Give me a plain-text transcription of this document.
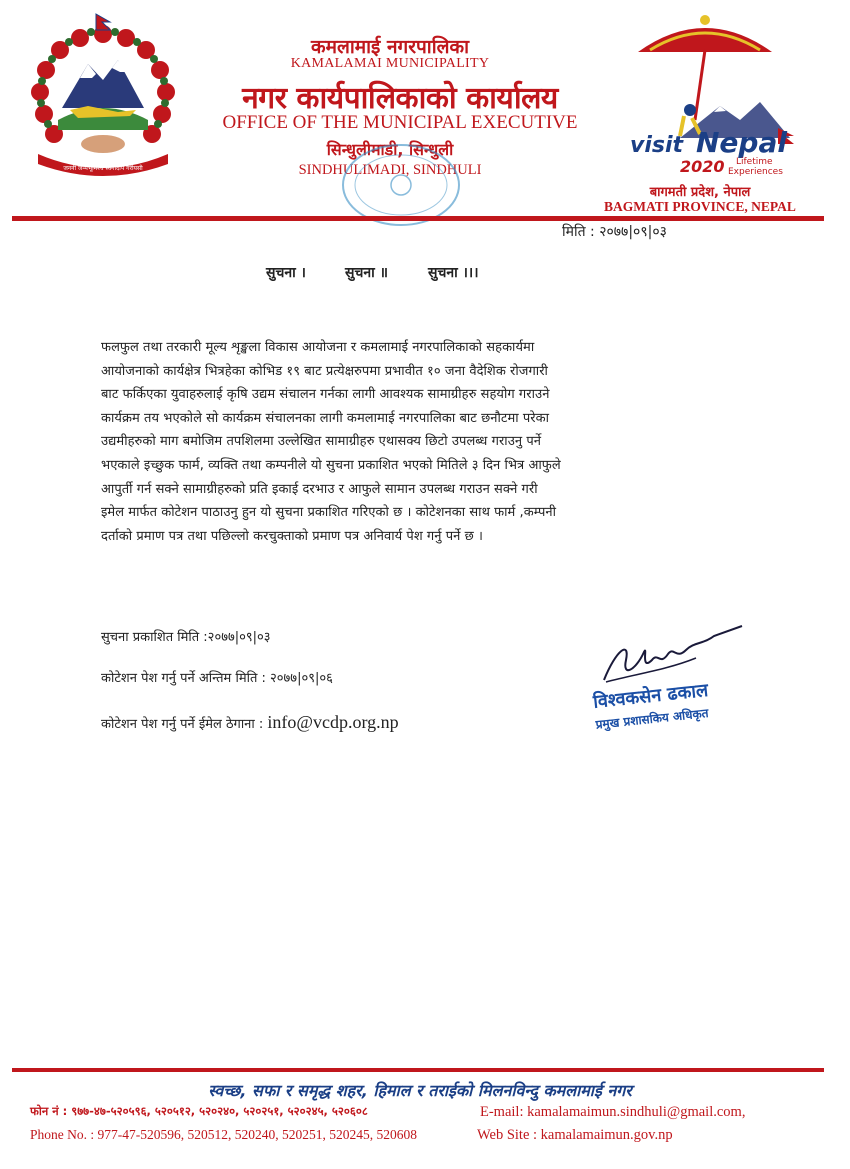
जननी जन्मभूमिश्च स्वर्गादपि गरीयसी
कमलामाई नगरपालिका
KAMALAMAI MUNICIPALITY
नगर कार्यपालिकाको कार्यालय
OFFICE OF THE MUNICIPAL EXECUTIVE
सिन्धुलीमाडी, सिन्धुली
SINDHULIMADI, SINDHULI
visit Nepal
2020 Lifetime
Experiences
बागमती प्रदेश, नेपाल
BAGMATI PROVINCE, NEPAL
मिति : २०७७|०९|०३
सुचना ।	सुचना ॥	सुचना ।।।
फलफुल तथा तरकारी मूल्य शृङ्खला विकास आयोजना र कमलामाई नगरपालिकाको सहकार्यमा
आयोजनाको कार्यक्षेत्र भित्रहेका कोभिड १९ बाट प्रत्येक्षरुपमा प्रभावीत १० जना वैदेशिक रोजगारी
बाट फर्किएका युवाहरुलाई कृषि उद्यम संचालन गर्नका लागी आवश्यक सामाग्रीहरु सहयोग गराउने
कार्यक्रम तय भएकोले सो कार्यक्रम संचालनका लागी कमलामाई नगरपालिका बाट छनौटमा परेका
उद्यमीहरुको माग बमोजिम तपशिलमा उल्लेखित सामाग्रीहरु एथासक्य छिटो उपलब्ध गराउनु पर्ने
भएकाले इच्छुक फार्म, व्यक्ति तथा कम्पनीले यो सुचना प्रकाशित भएको मितिले ३ दिन भित्र आफुले
आपुर्ती गर्न सक्ने सामाग्रीहरुको प्रति इकाई दरभाउ र आफुले सामान उपलब्ध गराउन सक्ने गरी
इमेल मार्फत कोटेशन पाठाउनु हुन यो सुचना प्रकाशित गरिएको छ । कोटेशनका साथ फार्म ,कम्पनी
दर्ताको प्रमाण पत्र तथा पछिल्लो करचुक्ताको प्रमाण पत्र अनिवार्य पेश गर्नु पर्ने छ ।
सुचना प्रकाशित मिति :२०७७|०९|०३
कोटेशन पेश गर्नु पर्ने अन्तिम मिति : २०७७|०९|०६
कोटेशन पेश गर्नु पर्ने ईमेल ठेगाना : info@vcdp.org.np
विश्वकसेन ढकाल
प्रमुख प्रशासकिय अधिकृत
स्वच्छ, सफा र समृद्ध शहर, हिमाल र तराईको मिलनविन्दु कमलामाई नगर
फोन नं : ९७७-४७-५२०५९६, ५२०५१२, ५२०२४०, ५२०२५१, ५२०२४५, ५२०६०८
Phone No. : 977-47-520596, 520512, 520240, 520251, 520245, 520608
E-mail: kamalamaimun.sindhuli@gmail.com,
Web Site : kamalamaimun.gov.np
